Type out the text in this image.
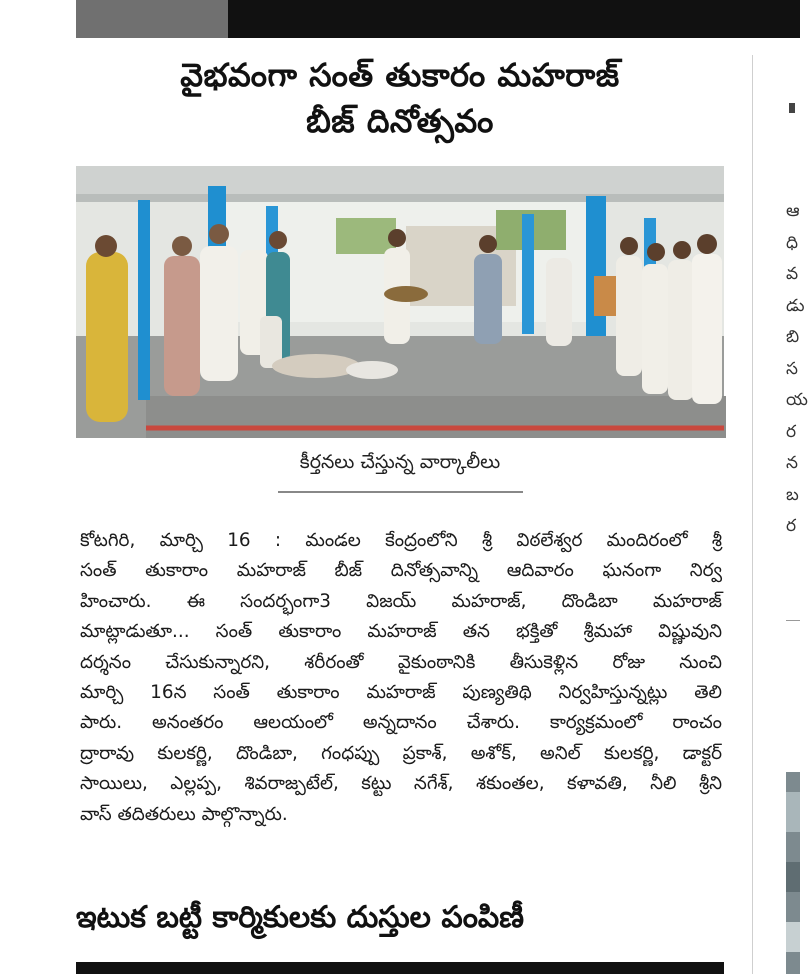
వైభవంగా సంత్ తుకారం మహరాజ్
బీజ్ దినోత్సవం
కీర్తనలు చేస్తున్న వార్కాలీలు
కోటగిరి, మార్చి 16 : మండల కేంద్రంలోని శ్రీ విఠలేశ్వర మందిరంలో శ్రీ
సంత్ తుకారాం మహరాజ్ బీజ్ దినోత్సవాన్ని ఆదివారం ఘనంగా నిర్వ
హించారు. ఈ సందర్భంగా3 విజయ్ మహరాజ్, దొండిబా మహరాజ్
మాట్లాడుతూ... సంత్ తుకారాం మహరాజ్ తన భక్తితో శ్రీమహా విష్ణువుని
దర్శనం చేసుకున్నారని, శరీరంతో వైకుంఠానికి తీసుకెళ్లిన రోజు నుంచి
మార్చి 16న సంత్ తుకారాం మహరాజ్ పుణ్యతిథి నిర్వహిస్తున్నట్లు తెలి
పారు. అనంతరం ఆలయంలో అన్నదానం చేశారు. కార్యక్రమంలో రాంచం
ద్రారావు కులకర్ణి, దొండిబా, గంధప్పు ప్రకాశ్, అశోక్, అనిల్ కులకర్ణి, డాక్టర్
సాయిలు, ఎల్లప్ప, శివరాజ్పటేల్, కట్టు నగేశ్, శకుంతల, కళావతి, నీలి శ్రీని
వాస్ తదితరులు పాల్గొన్నారు.
ఇటుక బట్టీ కార్మికులకు దుస్తుల పంపిణీ
ఆ
ధి
వ
డు
బి
స
య
ర
న
బ
ర
